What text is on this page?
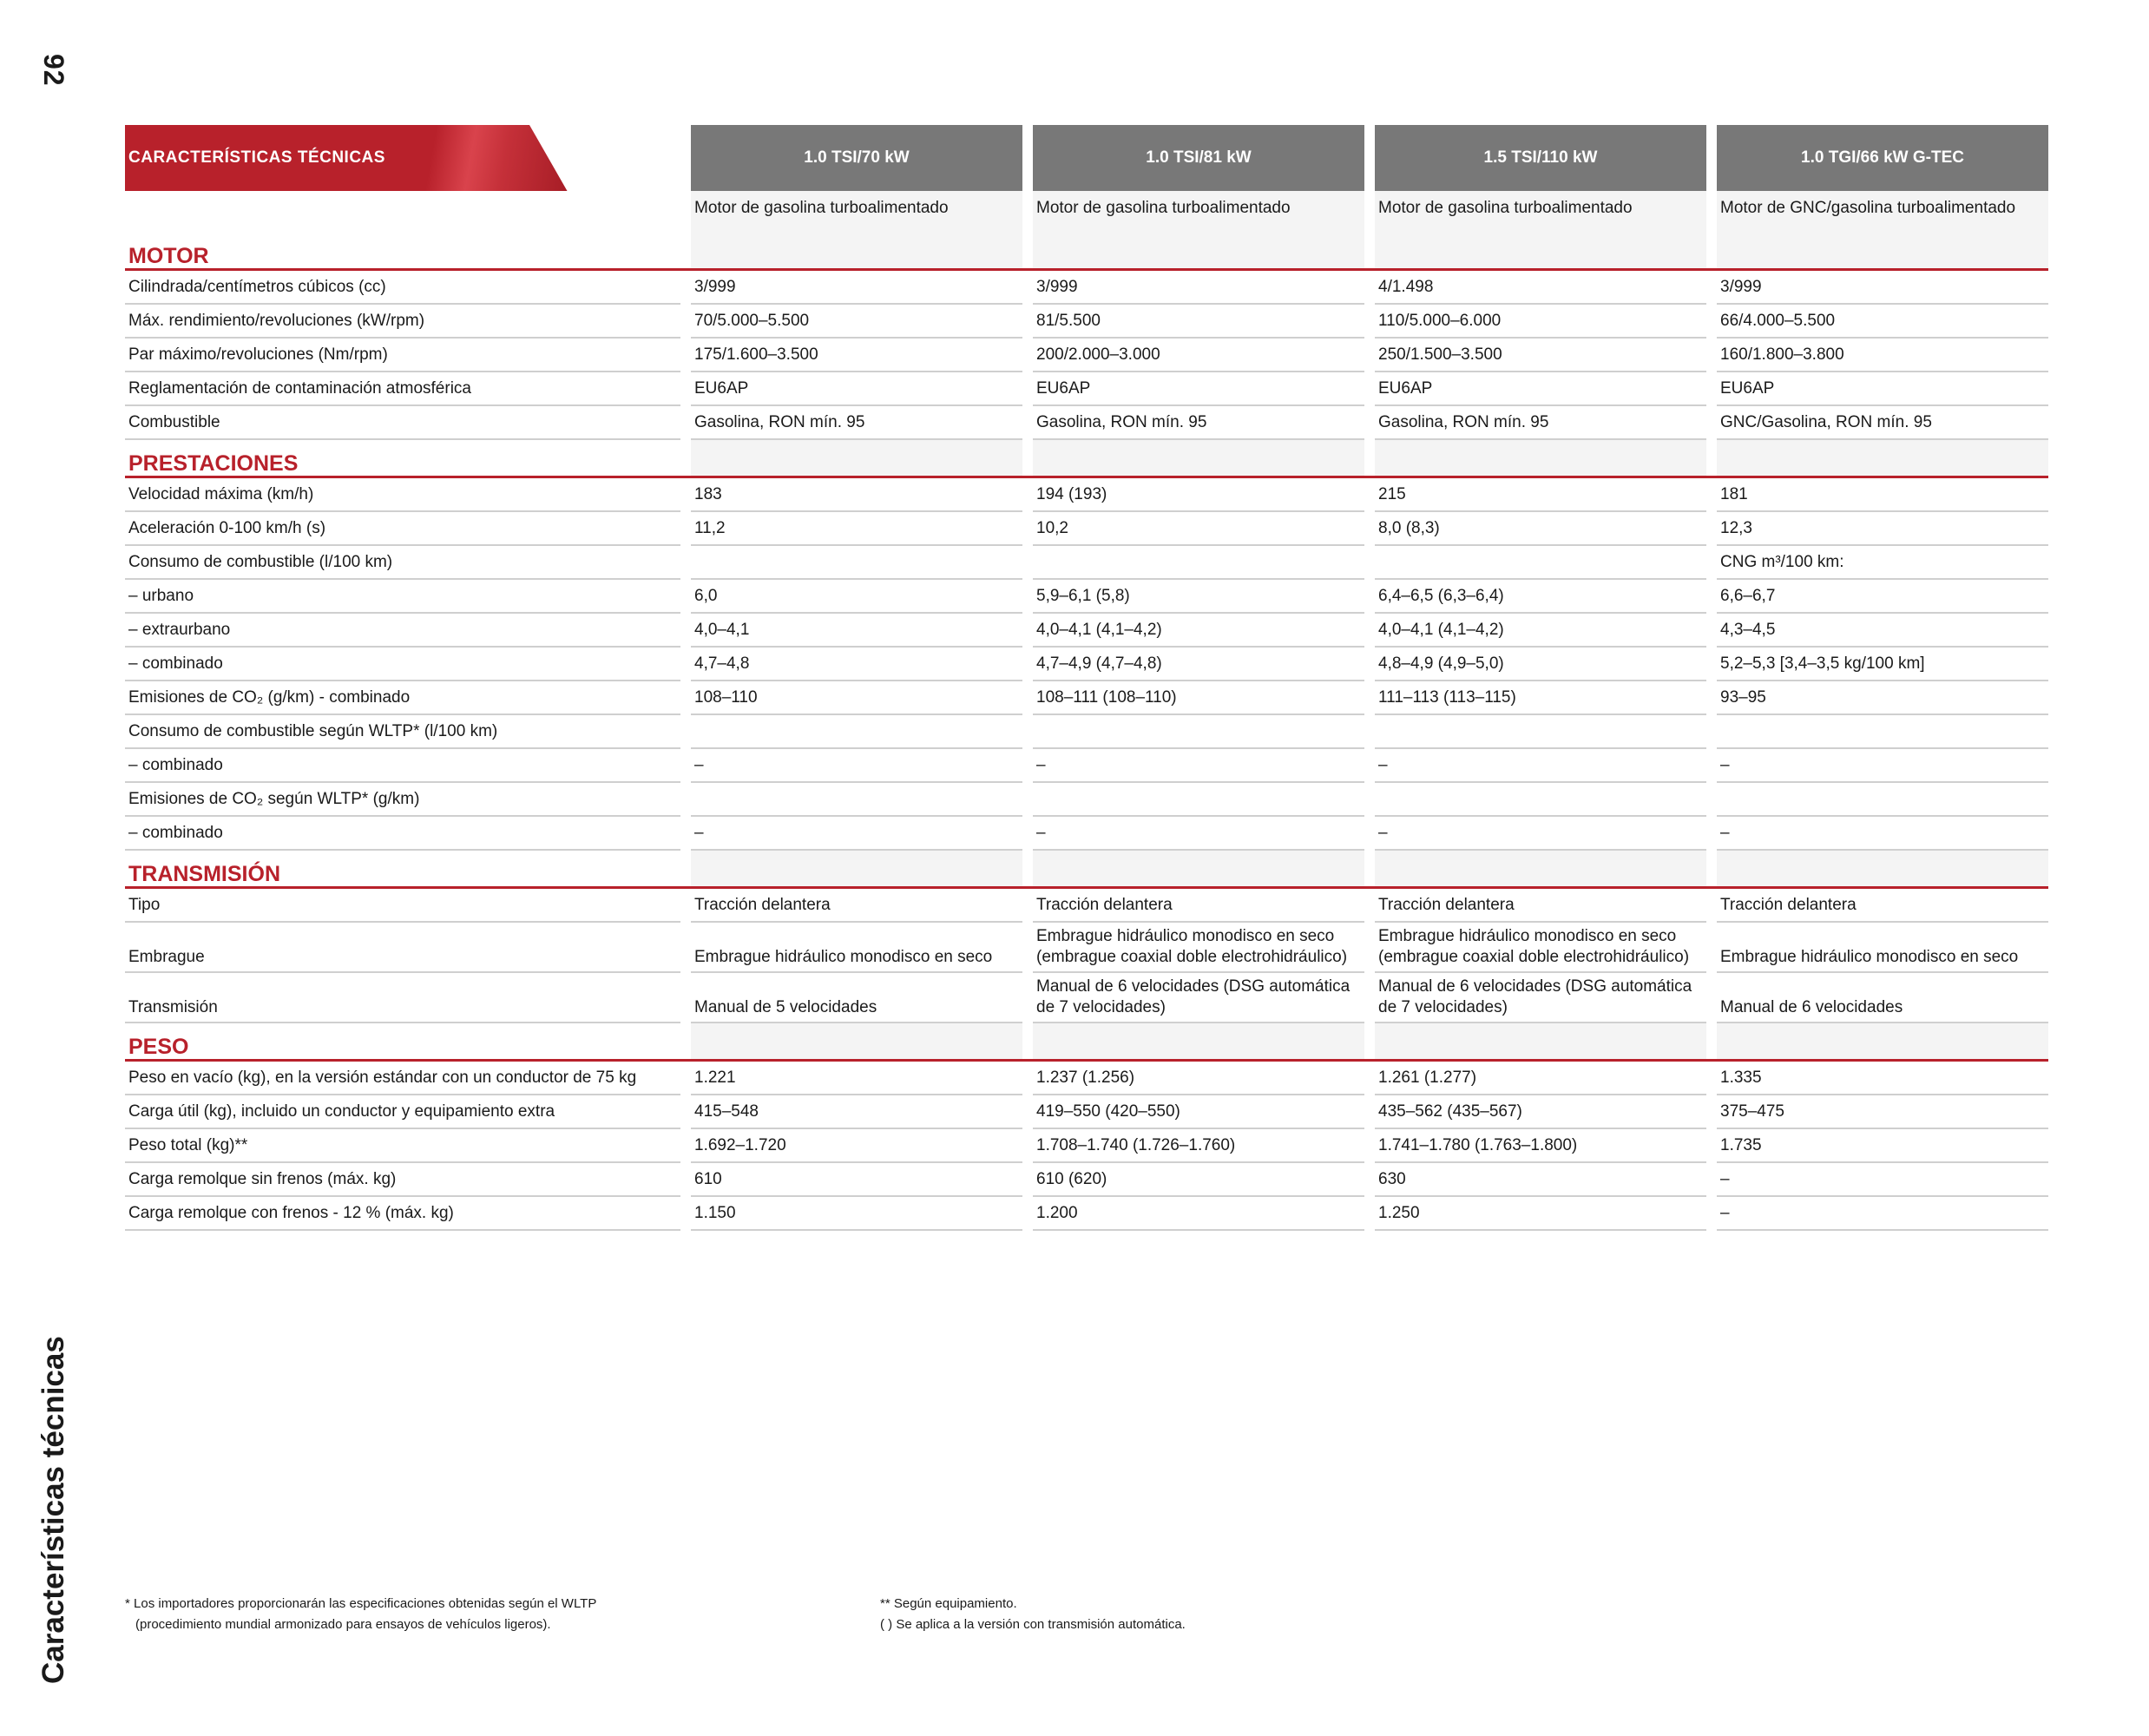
92
Características técnicas
CARACTERÍSTICAS TÉCNICAS		1.0 TSI/70 kW		1.0 TSI/81 kW		1.5 TSI/110 kW		1.0 TGI/66 kW G-TEC
		Motor de gasolina turboalimentado		Motor de gasolina turboalimentado		Motor de gasolina turboalimentado		Motor de GNC/gasolina turboalimentado
MOTOR								
Cilindrada/centímetros cúbicos (cc)		3/999		3/999		4/1.498		3/999
Máx. rendimiento/revoluciones (kW/rpm)		70/5.000–5.500		81/5.500		110/5.000–6.000		66/4.000–5.500
Par máximo/revoluciones (Nm/rpm)		175/1.600–3.500		200/2.000–3.000		250/1.500–3.500		160/1.800–3.800
Reglamentación de contaminación atmosférica		EU6AP		EU6AP		EU6AP		EU6AP
Combustible		Gasolina, RON mín. 95		Gasolina, RON mín. 95		Gasolina, RON mín. 95		GNC/Gasolina, RON mín. 95
PRESTACIONES								
Velocidad máxima (km/h)		183		194 (193)		215		181
Aceleración 0-100 km/h (s)		11,2		10,2		8,0 (8,3)		12,3
Consumo de combustible (l/100 km)								CNG m³/100 km:
– urbano		6,0		5,9–6,1 (5,8)		6,4–6,5 (6,3–6,4)		6,6–6,7
– extraurbano		4,0–4,1		4,0–4,1 (4,1–4,2)		4,0–4,1 (4,1–4,2)		4,3–4,5
– combinado		4,7–4,8		4,7–4,9 (4,7–4,8)		4,8–4,9 (4,9–5,0)		5,2–5,3 [3,4–3,5 kg/100 km]
Emisiones de CO₂ (g/km) - combinado		108–110		108–111 (108–110)		111–113 (113–115)		93–95
Consumo de combustible según WLTP* (l/100 km)								
– combinado		–		–		–		–
Emisiones de CO₂ según WLTP* (g/km)								
– combinado		–		–		–		–
TRANSMISIÓN								
Tipo		Tracción delantera		Tracción delantera		Tracción delantera		Tracción delantera
Embrague		Embrague hidráulico monodisco en seco		Embrague hidráulico monodisco en seco (embrague coaxial doble electrohidráulico)		Embrague hidráulico monodisco en seco (embrague coaxial doble electrohidráulico)		Embrague hidráulico monodisco en seco
Transmisión		Manual de 5 velocidades		Manual de 6 velocidades (DSG automática de 7 velocidades)		Manual de 6 velocidades (DSG automática de 7 velocidades)		Manual de 6 velocidades
PESO								
Peso en vacío (kg), en la versión estándar con un conductor de 75 kg		1.221		1.237 (1.256)		1.261 (1.277)		1.335
Carga útil (kg), incluido un conductor y equipamiento extra		415–548		419–550 (420–550)		435–562 (435–567)		375–475
Peso total (kg)**		1.692–1.720		1.708–1.740 (1.726–1.760)		1.741–1.780 (1.763–1.800)		1.735
Carga remolque sin frenos (máx. kg)		610		610 (620)		630		–
Carga remolque con frenos - 12 % (máx. kg)		1.150		1.200		1.250		–
* Los importadores proporcionarán las especificaciones obtenidas según el WLTP
(procedimiento mundial armonizado para ensayos de vehículos ligeros).
** Según equipamiento.
( ) Se aplica a la versión con transmisión automática.
